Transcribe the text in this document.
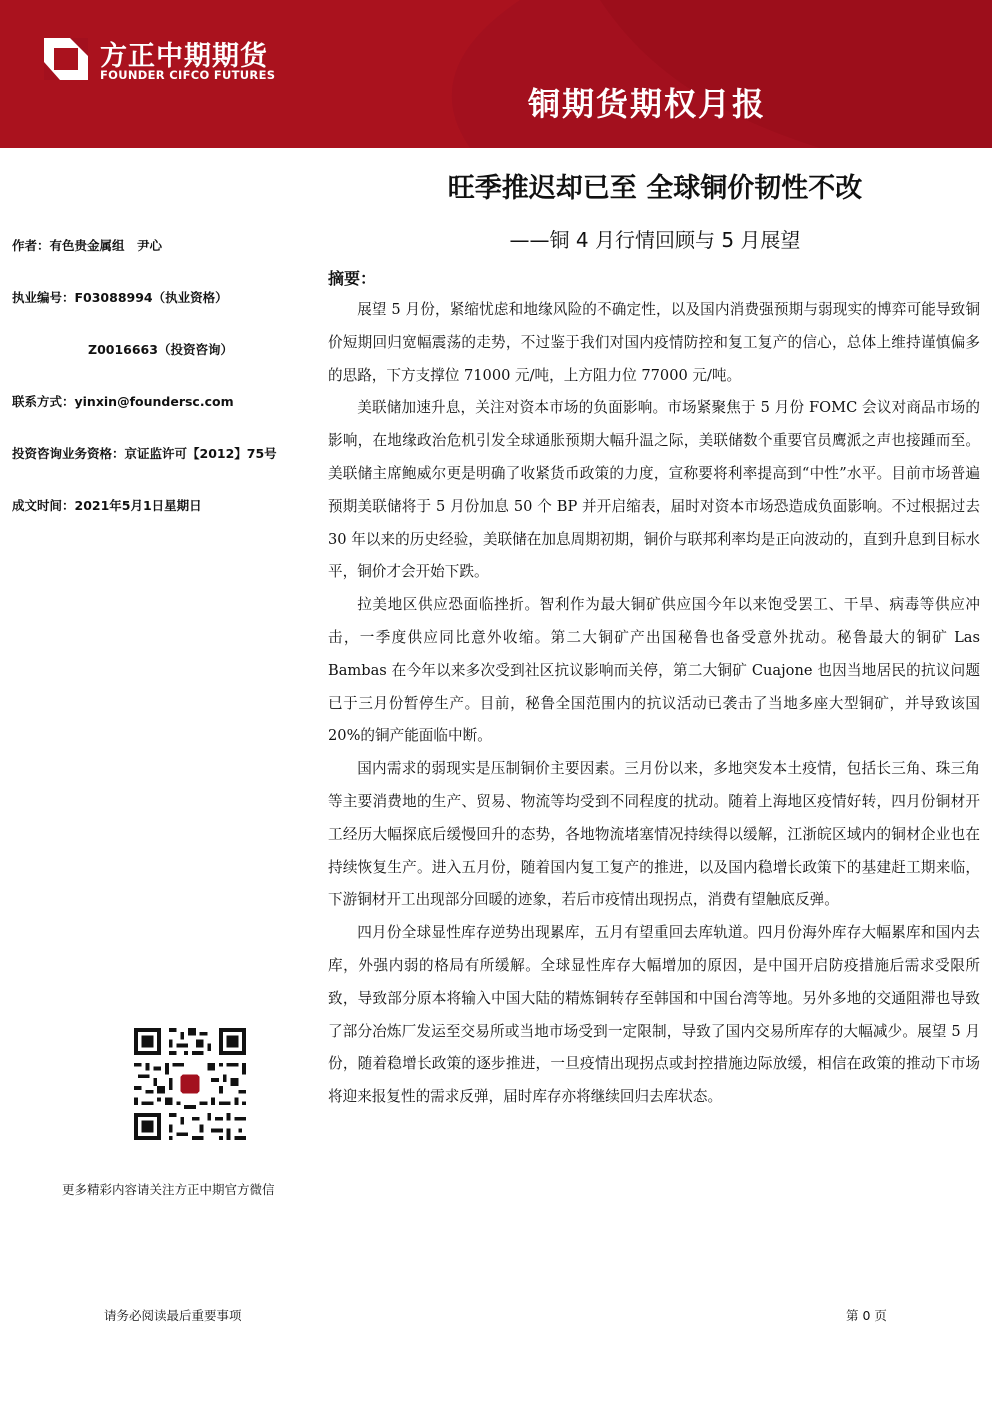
方正中期期货
FOUNDER CIFCO FUTURES
铜期货期权月报
旺季推迟却已至 全球铜价韧性不改
——铜 4 月行情回顾与 5 月展望
作者：有色贵金属组　尹心
执业编号：F03088994（执业资格）
Z0016663（投资咨询）
联系方式：yinxin@foundersc.com
投资咨询业务资格：京证监许可【2012】75号
成文时间：2021年5月1日星期日
摘要：

展望 5 月份，紧缩忧虑和地缘风险的不确定性，以及国内消费强预期与弱现实的博弈可能导致铜价短期回归宽幅震荡的走势，不过鉴于我们对国内疫情防控和复工复产的信心，总体上维持谨慎偏多的思路，下方支撑位 71000 元/吨，上方阻力位 77000 元/吨。

美联储加速升息，关注对资本市场的负面影响。市场紧聚焦于 5 月份 FOMC 会议对商品市场的影响，在地缘政治危机引发全球通胀预期大幅升温之际，美联储数个重要官员鹰派之声也接踵而至。美联储主席鲍威尔更是明确了收紧货币政策的力度，宣称要将利率提高到“中性”水平。目前市场普遍预期美联储将于 5 月份加息 50 个 BP 并开启缩表，届时对资本市场恐造成负面影响。不过根据过去 30 年以来的历史经验，美联储在加息周期初期，铜价与联邦利率均是正向波动的，直到升息到目标水平，铜价才会开始下跌。

拉美地区供应恐面临挫折。智利作为最大铜矿供应国今年以来饱受罢工、干旱、病毒等供应冲击，一季度供应同比意外收缩。第二大铜矿产出国秘鲁也备受意外扰动。秘鲁最大的铜矿 Las Bambas 在今年以来多次受到社区抗议影响而关停，第二大铜矿 Cuajone 也因当地居民的抗议问题已于三月份暂停生产。目前，秘鲁全国范围内的抗议活动已袭击了当地多座大型铜矿，并导致该国 20%的铜产能面临中断。

国内需求的弱现实是压制铜价主要因素。三月份以来，多地突发本土疫情，包括长三角、珠三角等主要消费地的生产、贸易、物流等均受到不同程度的扰动。随着上海地区疫情好转，四月份铜材开工经历大幅探底后缓慢回升的态势，各地物流堵塞情况持续得以缓解，江浙皖区域内的铜材企业也在持续恢复生产。进入五月份，随着国内复工复产的推进，以及国内稳增长政策下的基建赶工期来临，下游铜材开工出现部分回暖的迹象，若后市疫情出现拐点，消费有望触底反弹。

四月份全球显性库存逆势出现累库，五月有望重回去库轨道。四月份海外库存大幅累库和国内去库，外强内弱的格局有所缓解。全球显性库存大幅增加的原因，是中国开启防疫措施后需求受限所致，导致部分原本将输入中国大陆的精炼铜转存至韩国和中国台湾等地。另外多地的交通阻滞也导致了部分冶炼厂发运至交易所或当地市场受到一定限制，导致了国内交易所库存的大幅减少。展望 5 月份，随着稳增长政策的逐步推进，一旦疫情出现拐点或封控措施边际放缓，相信在政策的推动下市场将迎来报复性的需求反弹，届时库存亦将继续回归去库状态。

更多精彩内容请关注方正中期官方微信
请务必阅读最后重要事项	第 0 页
